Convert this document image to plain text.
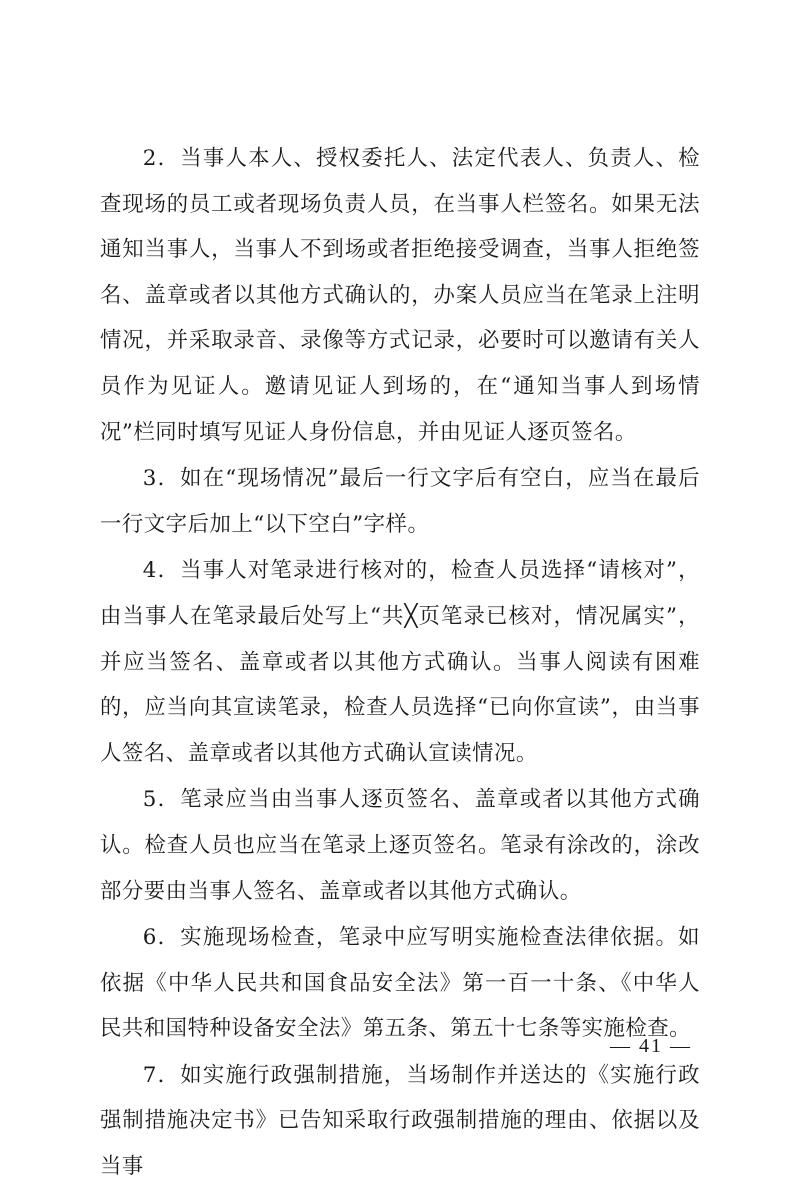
2．当事人本人、授权委托人、法定代表人、负责人、检查现场的员工或者现场负责人员，在当事人栏签名。如果无法通知当事人，当事人不到场或者拒绝接受调查，当事人拒绝签名、盖章或者以其他方式确认的，办案人员应当在笔录上注明情况，并采取录音、录像等方式记录，必要时可以邀请有关人员作为见证人。邀请见证人到场的，在“通知当事人到场情况”栏同时填写见证人身份信息，并由见证人逐页签名。

3．如在“现场情况”最后一行文字后有空白，应当在最后一行文字后加上“以下空白”字样。

4．当事人对笔录进行核对的，检查人员选择“请核对”，由当事人在笔录最后处写上“共╳页笔录已核对，情况属实”，并应当签名、盖章或者以其他方式确认。当事人阅读有困难的，应当向其宣读笔录，检查人员选择“已向你宣读”，由当事人签名、盖章或者以其他方式确认宣读情况。

5．笔录应当由当事人逐页签名、盖章或者以其他方式确认。检查人员也应当在笔录上逐页签名。笔录有涂改的，涂改部分要由当事人签名、盖章或者以其他方式确认。

6．实施现场检查，笔录中应写明实施检查法律依据。如依据《中华人民共和国食品安全法》第一百一十条、《中华人民共和国特种设备安全法》第五条、第五十七条等实施检查。

7．如实施行政强制措施，当场制作并送达的《实施行政强制措施决定书》已告知采取行政强制措施的理由、依据以及当事

— 41 —
